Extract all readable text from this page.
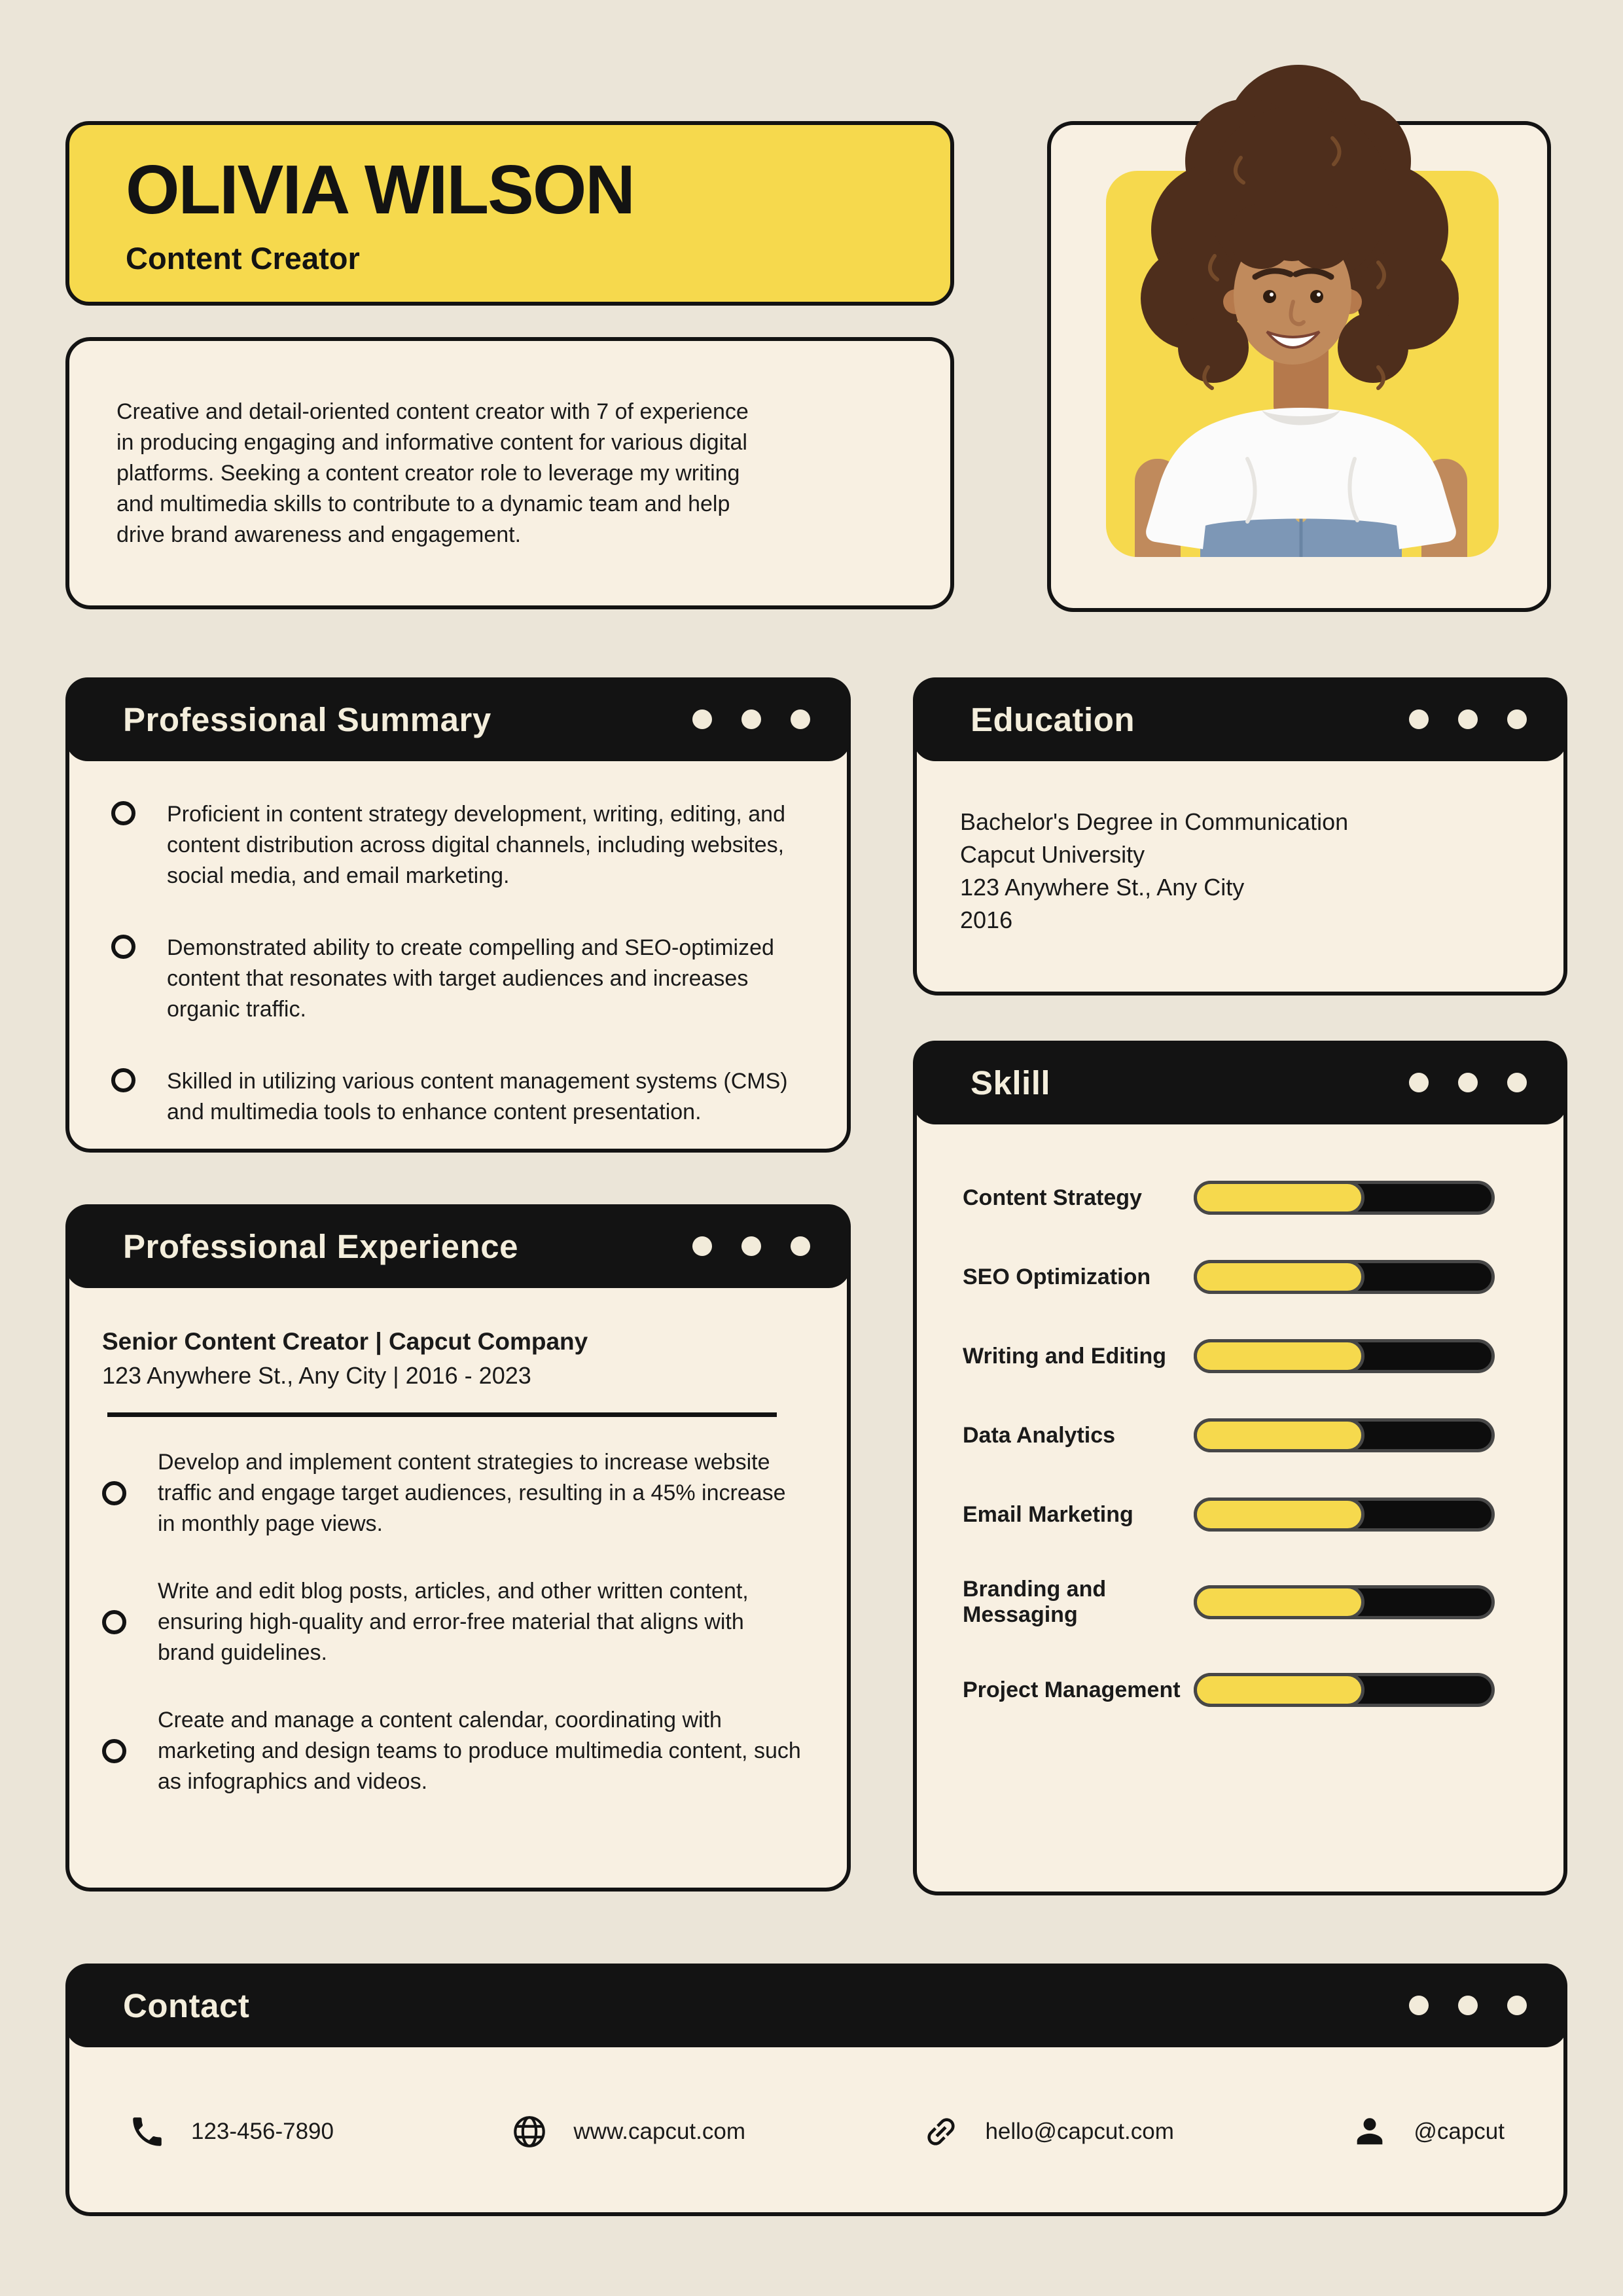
OLIVIA WILSON
Content Creator

Creative and detail-oriented content creator with 7 of experience in producing engaging and informative content for various digital platforms. Seeking a content creator role to leverage my writing and multimedia skills to contribute to a dynamic team and help drive brand awareness and engagement.

Professional Summary

Proficient in content strategy development, writing, editing, and content distribution across digital channels, including websites, social media, and email marketing.

Demonstrated ability to create compelling and SEO-optimized content that resonates with target audiences and increases organic traffic.

Skilled in utilizing various content management systems (CMS) and multimedia tools to enhance content presentation.

Education

Bachelor's Degree in Communication

Capcut University

123 Anywhere St., Any City

2016

Sklill
Content Strategy
SEO Optimization
Writing and Editing
Data Analytics
Email Marketing
Branding and Messaging
Project Management
Professional Experience

Senior Content Creator | Capcut Company

123 Anywhere St., Any City | 2016 - 2023

Develop and implement content strategies to increase website traffic and engage target audiences, resulting in a 45% increase in monthly page views.

Write and edit blog posts, articles, and other written content, ensuring high-quality and error-free material that aligns with brand guidelines.

Create and manage a content calendar, coordinating with marketing and design teams to produce multimedia content, such as infographics and videos.

Contact
123-456-7890	www.capcut.com	hello@capcut.com	@capcut
